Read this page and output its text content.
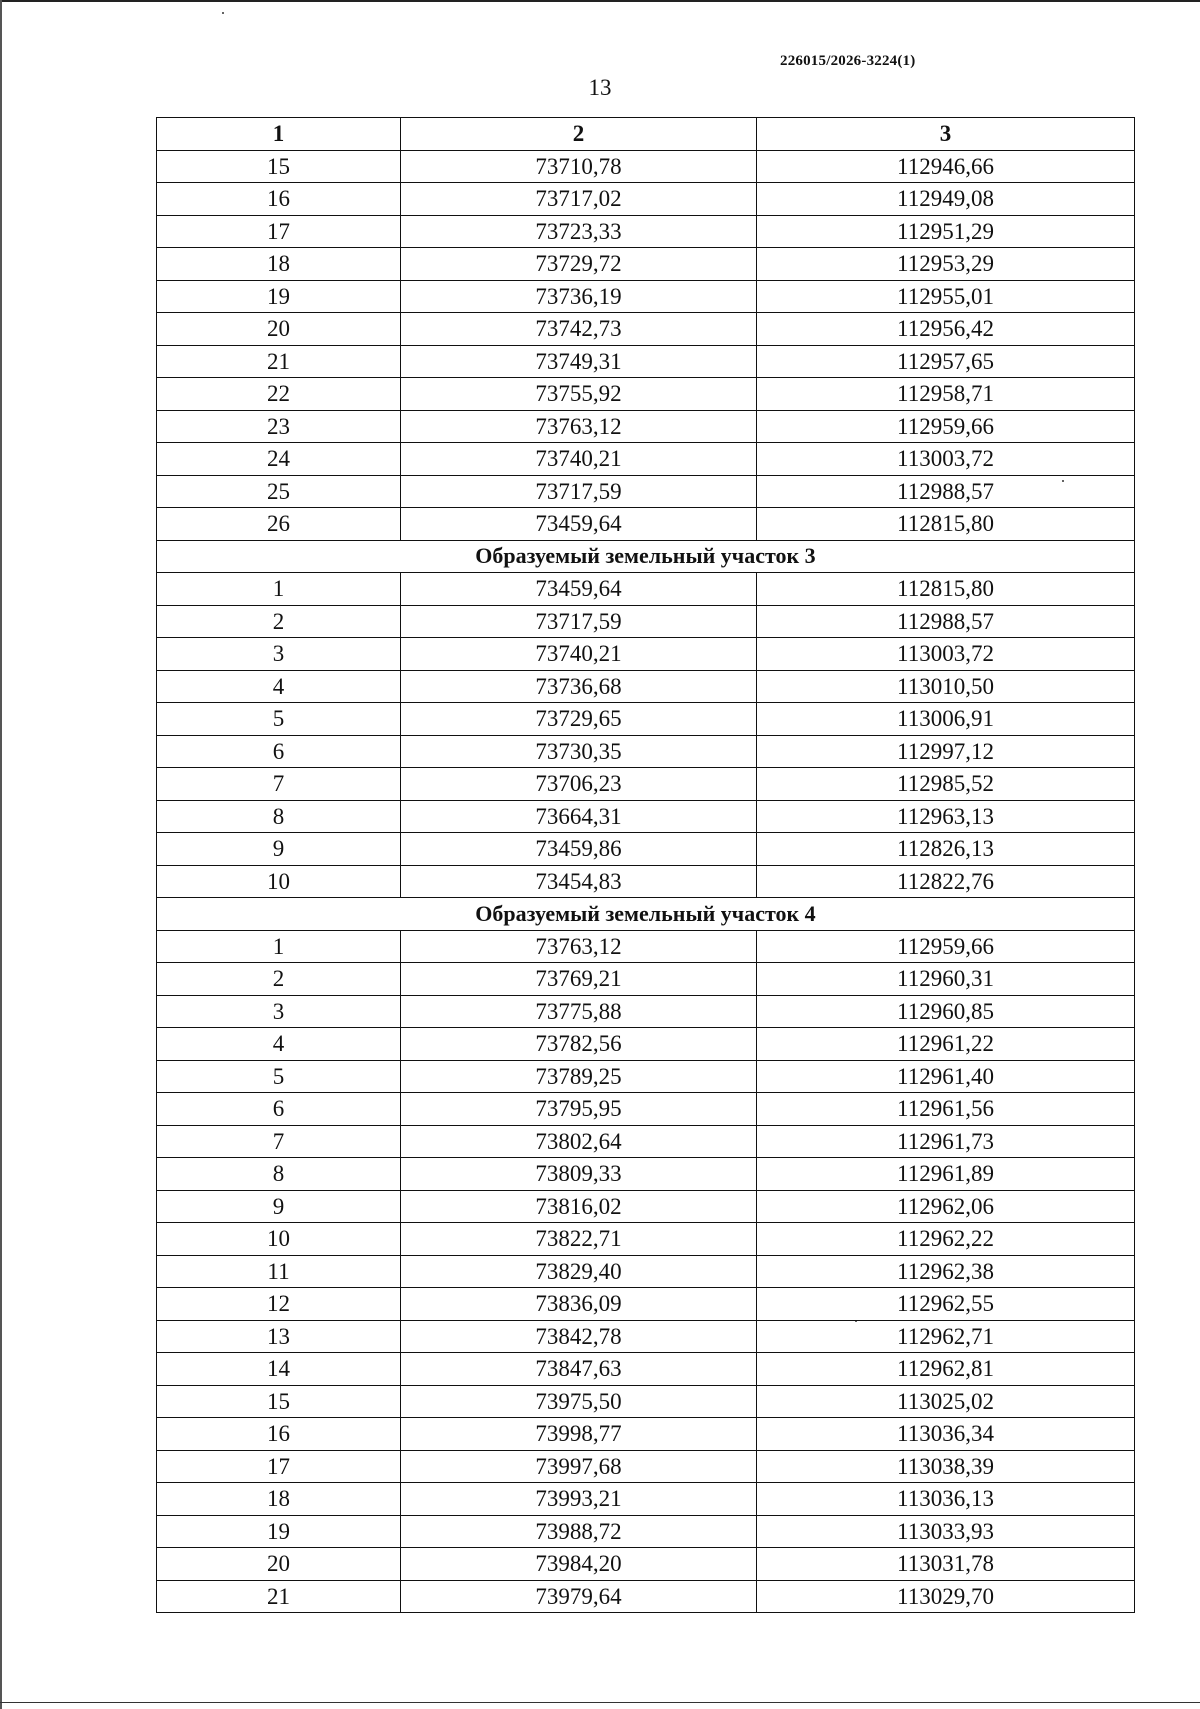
226015/2026-3224(1)
13
1	2	3
15	73710,78	112946,66
16	73717,02	112949,08
17	73723,33	112951,29
18	73729,72	112953,29
19	73736,19	112955,01
20	73742,73	112956,42
21	73749,31	112957,65
22	73755,92	112958,71
23	73763,12	112959,66
24	73740,21	113003,72
25	73717,59	112988,57
26	73459,64	112815,80
Образуемый земельный участок 3		
1	73459,64	112815,80
2	73717,59	112988,57
3	73740,21	113003,72
4	73736,68	113010,50
5	73729,65	113006,91
6	73730,35	112997,12
7	73706,23	112985,52
8	73664,31	112963,13
9	73459,86	112826,13
10	73454,83	112822,76
Образуемый земельный участок 4		
1	73763,12	112959,66
2	73769,21	112960,31
3	73775,88	112960,85
4	73782,56	112961,22
5	73789,25	112961,40
6	73795,95	112961,56
7	73802,64	112961,73
8	73809,33	112961,89
9	73816,02	112962,06
10	73822,71	112962,22
11	73829,40	112962,38
12	73836,09	112962,55
13	73842,78	112962,71
14	73847,63	112962,81
15	73975,50	113025,02
16	73998,77	113036,34
17	73997,68	113038,39
18	73993,21	113036,13
19	73988,72	113033,93
20	73984,20	113031,78
21	73979,64	113029,70
